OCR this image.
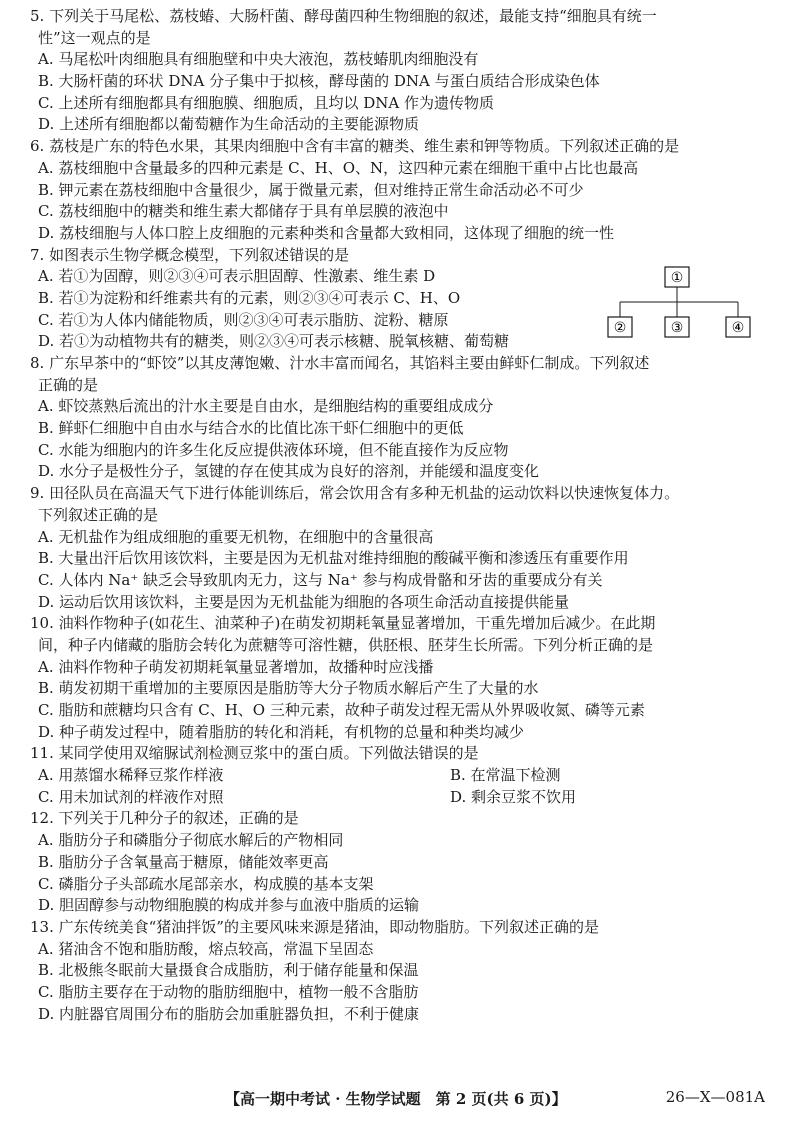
5. 下列关于马尾松、荔枝蝽、大肠杆菌、酵母菌四种生物细胞的叙述，最能支持“细胞具有统一
性”这一观点的是
A. 马尾松叶肉细胞具有细胞壁和中央大液泡，荔枝蝽肌肉细胞没有
B. 大肠杆菌的环状 DNA 分子集中于拟核，酵母菌的 DNA 与蛋白质结合形成染色体
C. 上述所有细胞都具有细胞膜、细胞质，且均以 DNA 作为遗传物质
D. 上述所有细胞都以葡萄糖作为生命活动的主要能源物质
6. 荔枝是广东的特色水果，其果肉细胞中含有丰富的糖类、维生素和钾等物质。下列叙述正确的是
A. 荔枝细胞中含量最多的四种元素是 C、H、O、N，这四种元素在细胞干重中占比也最高
B. 钾元素在荔枝细胞中含量很少，属于微量元素，但对维持正常生命活动必不可少
C. 荔枝细胞中的糖类和维生素大都储存于具有单层膜的液泡中
D. 荔枝细胞与人体口腔上皮细胞的元素种类和含量都大致相同，这体现了细胞的统一性
7. 如图表示生物学概念模型，下列叙述错误的是
A. 若①为固醇，则②③④可表示胆固醇、性激素、维生素 D
B. 若①为淀粉和纤维素共有的元素，则②③④可表示 C、H、O
C. 若①为人体内储能物质，则②③④可表示脂肪、淀粉、糖原
D. 若①为动植物共有的糖类，则②③④可表示核糖、脱氧核糖、葡萄糖
8. 广东早茶中的“虾饺”以其皮薄饱嫩、汁水丰富而闻名，其馅料主要由鲜虾仁制成。下列叙述
正确的是
A. 虾饺蒸熟后流出的汁水主要是自由水，是细胞结构的重要组成成分
B. 鲜虾仁细胞中自由水与结合水的比值比冻干虾仁细胞中的更低
C. 水能为细胞内的许多生化反应提供液体环境，但不能直接作为反应物
D. 水分子是极性分子，氢键的存在使其成为良好的溶剂，并能缓和温度变化
9. 田径队员在高温天气下进行体能训练后，常会饮用含有多种无机盐的运动饮料以快速恢复体力。
下列叙述正确的是
A. 无机盐作为组成细胞的重要无机物，在细胞中的含量很高
B. 大量出汗后饮用该饮料，主要是因为无机盐对维持细胞的酸碱平衡和渗透压有重要作用
C. 人体内 Na⁺ 缺乏会导致肌肉无力，这与 Na⁺ 参与构成骨骼和牙齿的重要成分有关
D. 运动后饮用该饮料，主要是因为无机盐能为细胞的各项生命活动直接提供能量
10. 油料作物种子(如花生、油菜种子)在萌发初期耗氧量显著增加，干重先增加后减少。在此期
间，种子内储藏的脂肪会转化为蔗糖等可溶性糖，供胚根、胚芽生长所需。下列分析正确的是
A. 油料作物种子萌发初期耗氧量显著增加，故播种时应浅播
B. 萌发初期干重增加的主要原因是脂肪等大分子物质水解后产生了大量的水
C. 脂肪和蔗糖均只含有 C、H、O 三种元素，故种子萌发过程无需从外界吸收氮、磷等元素
D. 种子萌发过程中，随着脂肪的转化和消耗，有机物的总量和种类均减少
11. 某同学使用双缩脲试剂检测豆浆中的蛋白质。下列做法错误的是
A. 用蒸馏水稀释豆浆作样液	B. 在常温下检测
C. 用未加试剂的样液作对照	D. 剩余豆浆不饮用
12. 下列关于几种分子的叙述，正确的是
A. 脂肪分子和磷脂分子彻底水解后的产物相同
B. 脂肪分子含氧量高于糖原，储能效率更高
C. 磷脂分子头部疏水尾部亲水，构成膜的基本支架
D. 胆固醇参与动物细胞膜的构成并参与血液中脂质的运输
13. 广东传统美食“猪油拌饭”的主要风味来源是猪油，即动物脂肪。下列叙述正确的是
A. 猪油含不饱和脂肪酸，熔点较高，常温下呈固态
B. 北极熊冬眠前大量摄食合成脂肪，利于储存能量和保温
C. 脂肪主要存在于动物的脂肪细胞中，植物一般不含脂肪
D. 内脏器官周围分布的脂肪会加重脏器负担，不利于健康
①
②	③	④
【高一期中考试 · 生物学试题　第 2 页(共 6 页)】	26—X—081A
